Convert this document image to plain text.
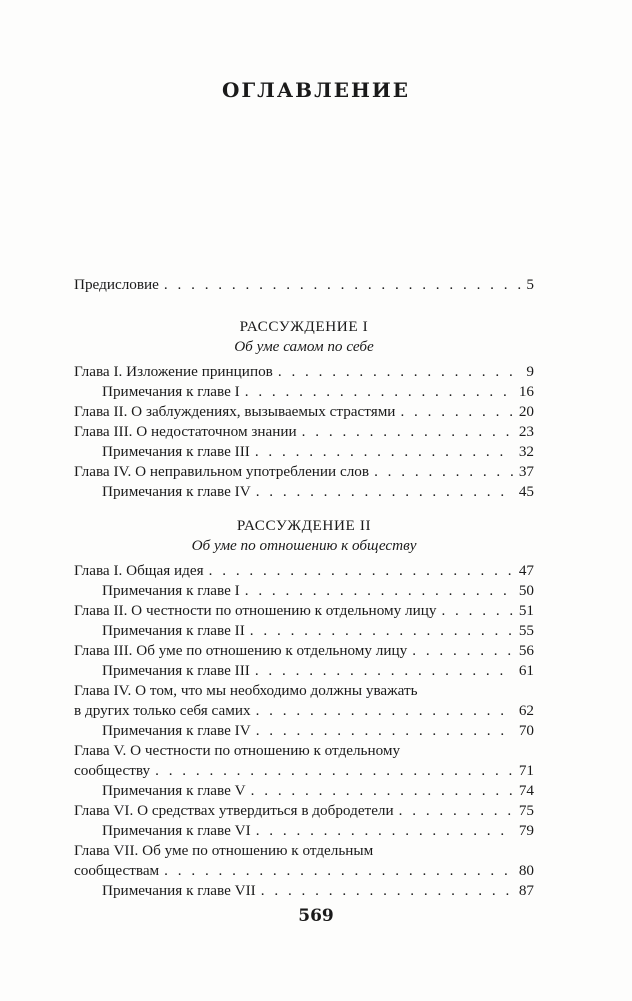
ОГЛАВЛЕНИЕ
Предисловие . . .	5
РАССУЖДЕНИЕ I
Об уме самом по себе
Глава I. Изложение принципов . . .	9
Примечания к главе I . . .	16
Глава II. О заблуждениях, вызываемых страстями . . .	20
Глава III. О недостаточном знании . . .	23
Примечания к главе III . . .	32
Глава IV. О неправильном употреблении слов . . .	37
Примечания к главе IV . . .	45
РАССУЖДЕНИЕ II
Об уме по отношению к обществу
Глава I. Общая идея . . .	47
Примечания к главе I . . .	50
Глава II. О честности по отношению к отдельному лицу . . .	51
Примечания к главе II . . .	55
Глава III. Об уме по отношению к отдельному лицу . . .	56
Примечания к главе III . . .	61
Глава IV. О том, что мы необходимо должны уважать
в других только себя самих . . .	62
Примечания к главе IV . . .	70
Глава V. О честности по отношению к отдельному
сообществу . . .	71
Примечания к главе V . . .	74
Глава VI. О средствах утвердиться в добродетели . . .	75
Примечания к главе VI . . .	79
Глава VII. Об уме по отношению к отдельным
сообществам . . .	80
Примечания к главе VII . . .	87
569
